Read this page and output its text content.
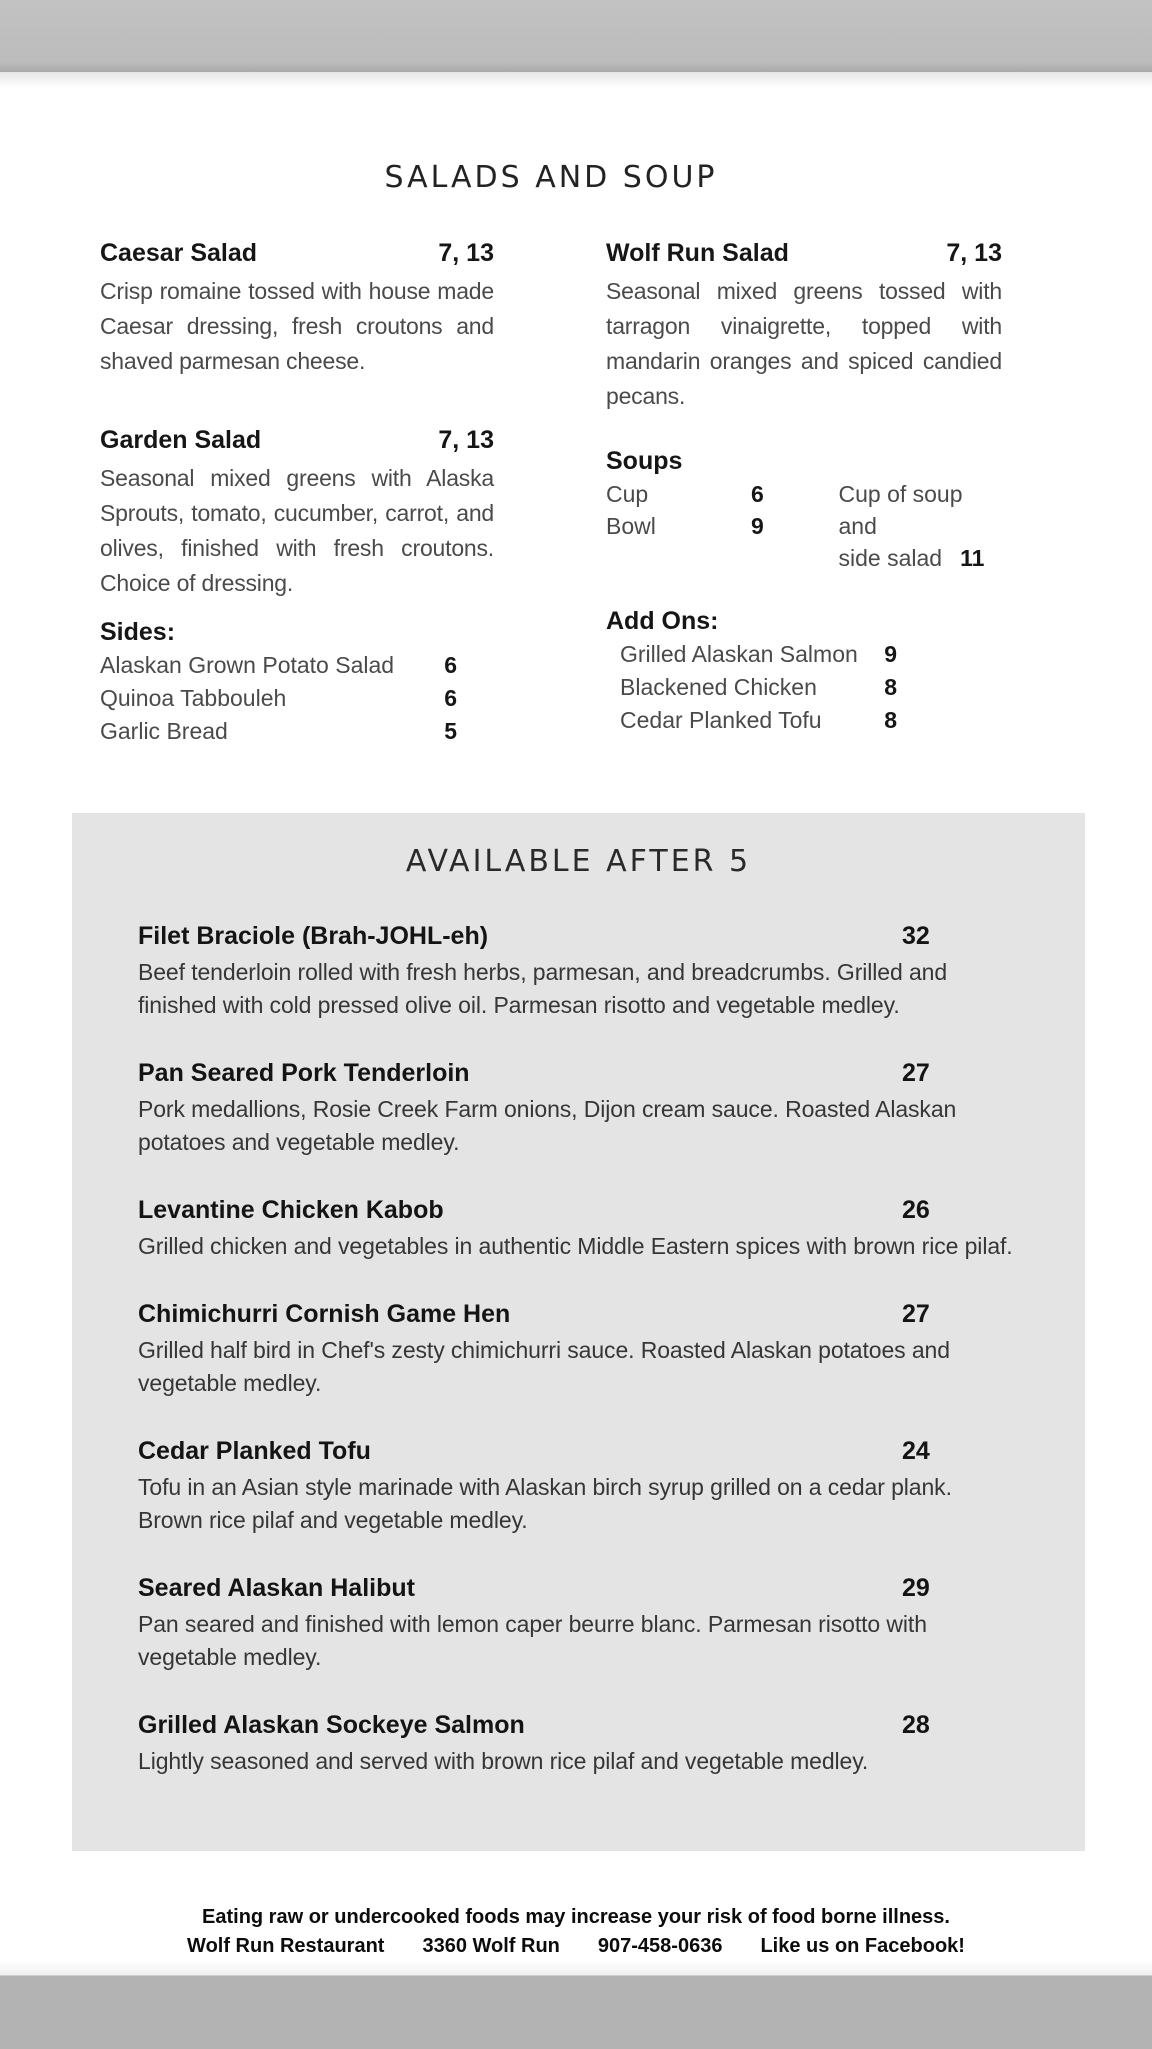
SALADS AND SOUP
Caesar Salad	7, 13

Crisp romaine tossed with house made Caesar dressing, fresh croutons and shaved parmesan cheese.

Garden Salad	7, 13

Seasonal mixed greens with Alaska Sprouts, tomato, cucumber, carrot, and olives, finished with fresh croutons. Choice of dressing.

Sides:
Alaskan Grown Potato Salad 6
Quinoa Tabbouleh	6
Garlic Bread	5
Wolf Run Salad	7, 13

Seasonal mixed greens tossed with tarragon vinaigrette, topped with mandarin oranges and spiced candied pecans.

Soups
Cup	6
Bowl	9
Cup of soup and
side salad 11
Add Ons:
Grilled Alaskan Salmon 9
Blackened Chicken	8
Cedar Planked Tofu	8
AVAILABLE AFTER 5
Filet Braciole (Brah-JOHL-eh)	32

Beef tenderloin rolled with fresh herbs, parmesan, and breadcrumbs. Grilled and finished with cold pressed olive oil. Parmesan risotto and vegetable medley.

Pan Seared Pork Tenderloin	27

Pork medallions, Rosie Creek Farm onions, Dijon cream sauce. Roasted Alaskan potatoes and vegetable medley.

Levantine Chicken Kabob	26

Grilled chicken and vegetables in authentic Middle Eastern spices with brown rice pilaf.

Chimichurri Cornish Game Hen	27

Grilled half bird in Chef's zesty chimichurri sauce. Roasted Alaskan potatoes and vegetable medley.

Cedar Planked Tofu	24

Tofu in an Asian style marinade with Alaskan birch syrup grilled on a cedar plank. Brown rice pilaf and vegetable medley.

Seared Alaskan Halibut	29

Pan seared and finished with lemon caper beurre blanc. Parmesan risotto with vegetable medley.

Grilled Alaskan Sockeye Salmon	28

Lightly seasoned and served with brown rice pilaf and vegetable medley.

Eating raw or undercooked foods may increase your risk of food borne illness.
Wolf Run Restaurant 3360 Wolf Run 907-458-0636 Like us on Facebook!
